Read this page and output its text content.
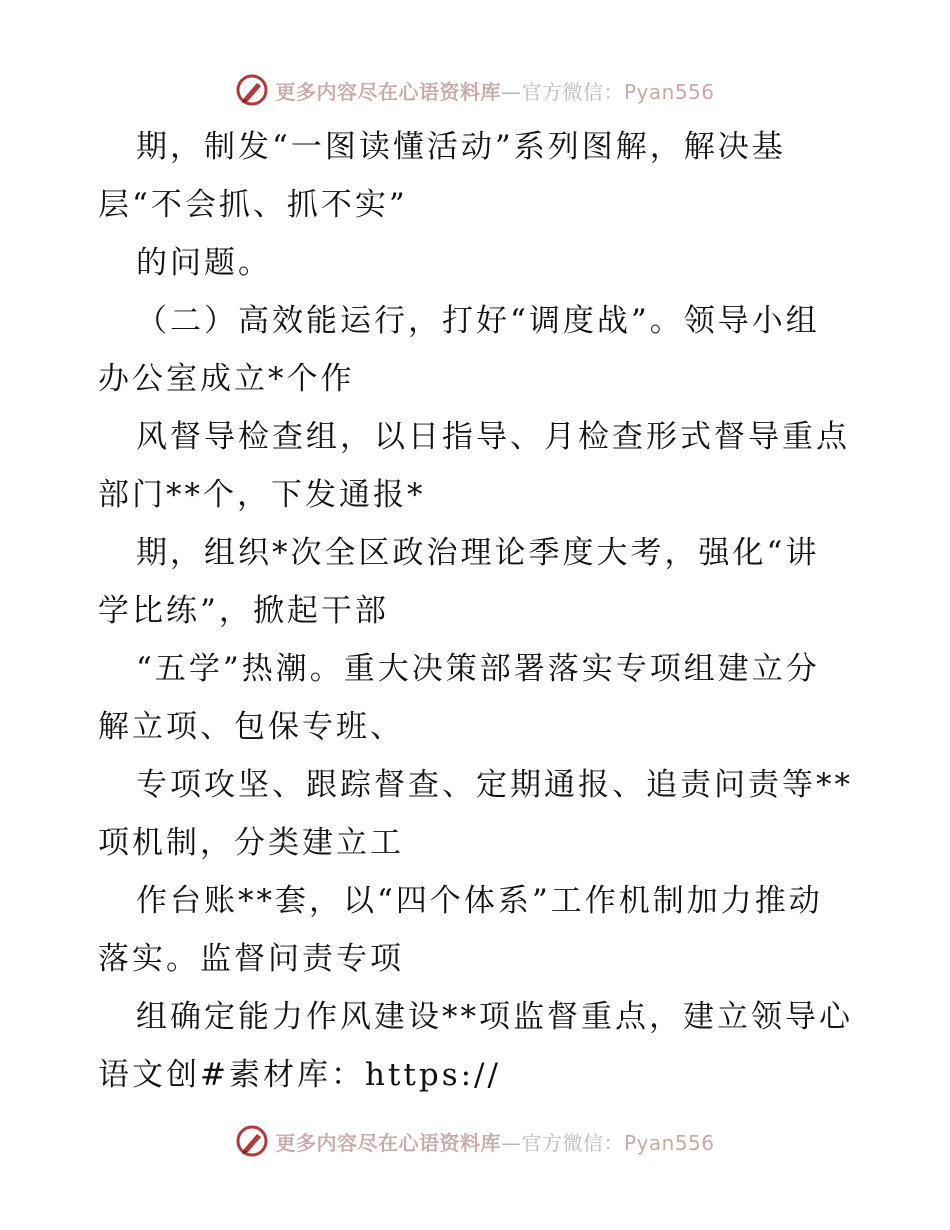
更多内容尽在心语资料库—官方微信：Pyan556
期，制发“一图读懂活动”系列图解，解决基
层“不会抓、抓不实”
的问题。
（二）高效能运行，打好“调度战”。领导小组
办公室成立*个作
风督导检查组，以日指导、月检查形式督导重点
部门**个，下发通报*
期，组织*次全区政治理论季度大考，强化“讲
学比练”，掀起干部
“五学”热潮。重大决策部署落实专项组建立分
解立项、包保专班、
专项攻坚、跟踪督查、定期通报、追责问责等**
项机制，分类建立工
作台账**套，以“四个体系”工作机制加力推动
落实。监督问责专项
组确定能力作风建设**项监督重点，建立领导心
语文创#素材库：https://
更多内容尽在心语资料库—官方微信：Pyan556
